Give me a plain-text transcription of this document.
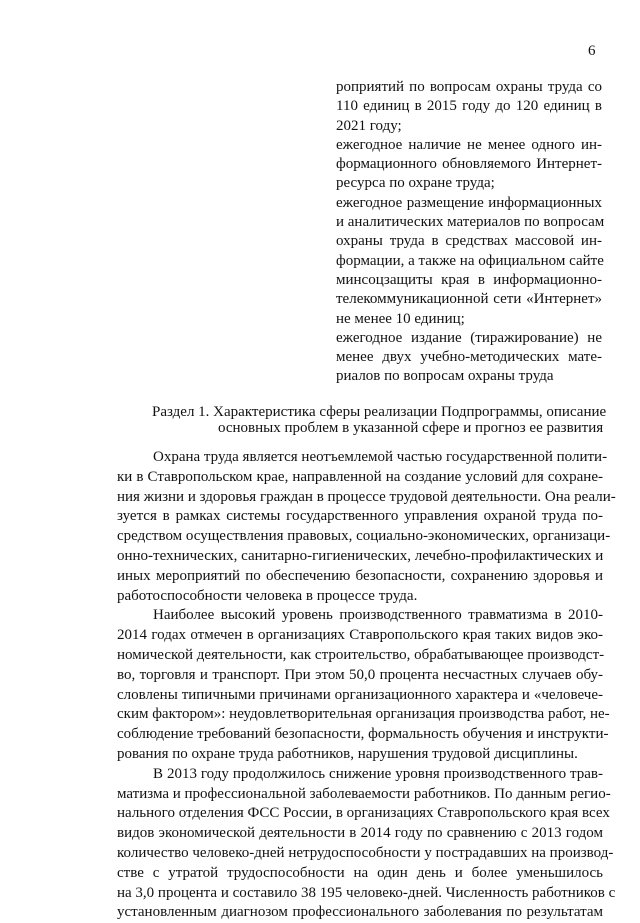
6
роприятий по вопросам охраны труда со
110 единиц в 2015 году до 120 единиц в
2021 году;
ежегодное наличие не менее одного ин-
формационного обновляемого Интернет-
ресурса по охране труда;
ежегодное размещение информационных
и аналитических материалов по вопросам
охраны труда в средствах массовой ин-
формации, а также на официальном сайте
минсоцзащиты края в информационно-
телекоммуникационной сети «Интернет»
не менее 10 единиц;
ежегодное издание (тиражирование) не
менее двух учебно-методических мате-
риалов по вопросам охраны труда
Раздел 1. Характеристика сферы реализации Подпрограммы, описание
основных проблем в указанной сфере и прогноз ее развития
Охрана труда является неотъемлемой частью государственной полити-
ки в Ставропольском крае, направленной на создание условий для сохране-
ния жизни и здоровья граждан в процессе трудовой деятельности. Она реали-
зуется в рамках системы государственного управления охраной труда по-
средством осуществления правовых, социально-экономических, организаци-
онно-технических, санитарно-гигиенических, лечебно-профилактических и
иных мероприятий по обеспечению безопасности, сохранению здоровья и
работоспособности человека в процессе труда.
Наиболее высокий уровень производственного травматизма в 2010-
2014 годах отмечен в организациях Ставропольского края таких видов эко-
номической деятельности, как строительство, обрабатывающее производст-
во, торговля и транспорт. При этом 50,0 процента несчастных случаев обу-
словлены типичными причинами организационного характера и «человече-
ским фактором»: неудовлетворительная организация производства работ, не-
соблюдение требований безопасности, формальность обучения и инструкти-
рования по охране труда работников, нарушения трудовой дисциплины.
В 2013 году продолжилось снижение уровня производственного трав-
матизма и профессиональной заболеваемости работников. По данным регио-
нального отделения ФСС России, в организациях Ставропольского края всех
видов экономической деятельности в 2014 году по сравнению с 2013 годом
количество человеко-дней нетрудоспособности у пострадавших на производ-
стве с утратой трудоспособности на один день и более уменьшилось
на 3,0 процента и составило 38 195 человеко-дней. Численность работников с
установленным диагнозом профессионального заболевания по результатам
